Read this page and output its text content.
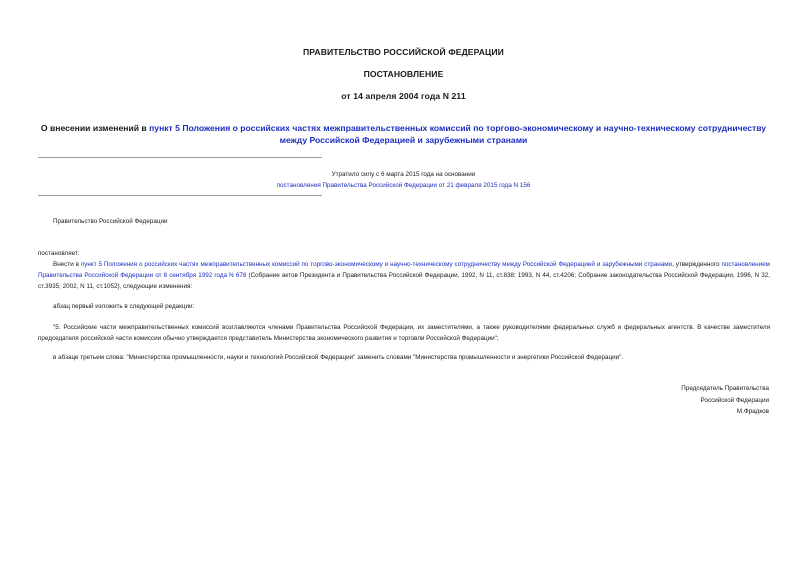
ПРАВИТЕЛЬСТВО РОССИЙСКОЙ ФЕДЕРАЦИИ
ПОСТАНОВЛЕНИЕ
от 14 апреля 2004 года N 211
О внесении изменений в пункт 5 Положения о российских частях межправительственных комиссий по торгово-экономическому и научно-техническому сотрудничеству между Российской Федерацией и зарубежными странами
Утратило силу с 6 марта 2015 года на основании
постановления Правительства Российской Федерации от 21 февраля 2015 года N 156
Правительство Российской Федерации
постановляет:
Внести в пункт 5 Положения о российских частях межправительственных комиссий по торгово-экономическому и научно-техническому сотрудничеству между Российской Федерацией и зарубежными странами, утвержденного постановлением Правительства Российской Федерации от 8 сентября 1992 года N 678 (Собрание актов Президента и Правительства Российской Федерации, 1992, N 11, ст.838; 1993, N 44, ст.4206; Собрание законодательства Российской Федерации, 1996, N 32, ст.3935; 2002, N 11, ст.1052), следующие изменения:
абзац первый изложить в следующей редакции:
"5. Российские части межправительственных комиссий возглавляются членами Правительства Российской Федерации, их заместителями, а также руководителями федеральных служб и федеральных агентств. В качестве заместителя председателя российской части комиссии обычно утверждается представитель Министерства экономического развития и торговли Российской Федерации";
в абзаце третьем слова: "Министерства промышленности, науки и технологий Российской Федерации" заменить словами "Министерства промышленности и энергетики Российской Федерации".
Председатель Правительства
Российской Федерации
М.Фрадков
